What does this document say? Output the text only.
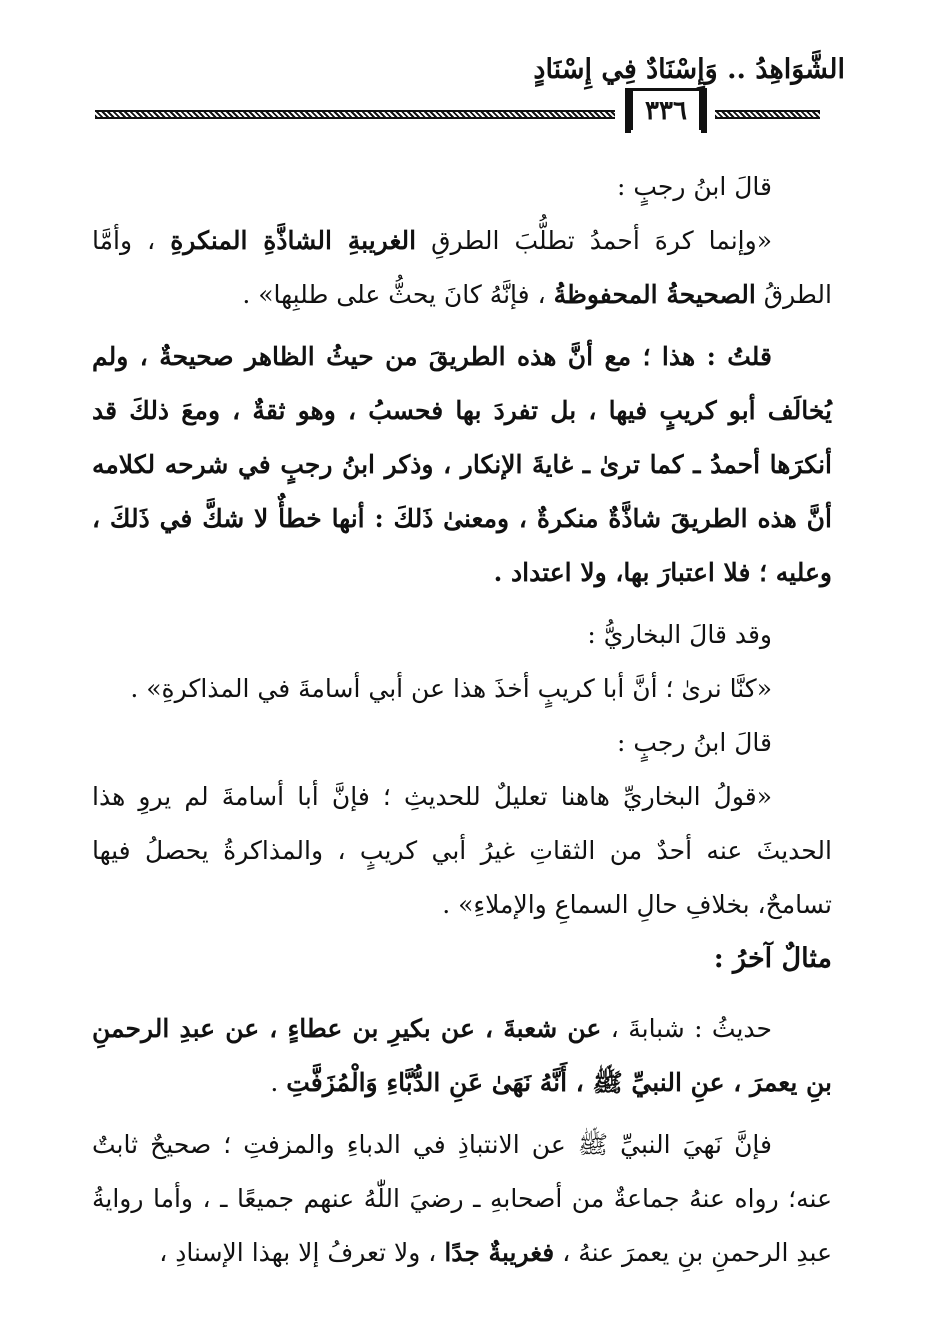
الشَّوَاهِدُ .. وَإِسْنَادٌ فِي إِسْنَادٍ
٣٣٦

قالَ ابنُ رجبٍ :

«وإنما كرهَ أحمدُ تطلُّبَ الطرقِ الغريبةِ الشاذَّةِ المنكرةِ ، وأمَّا الطرقُ الصحيحةُ المحفوظةُ ، فإنَّهُ كانَ يحثُّ على طلبِها» .

قلتُ : هذا ؛ مع أنَّ هذه الطريقَ من حيثُ الظاهر صحيحةٌ ، ولم يُخالَف أبو كريبٍ فيها ، بل تفردَ بها فحسبُ ، وهو ثقةٌ ، ومعَ ذلكَ قد أنكرَها أحمدُ ـ كما ترىٰ ـ غايةَ الإنكار ، وذكر ابنُ رجبٍ في شرحه لكلامه أنَّ هذه الطريقَ شاذَّةٌ منكرةٌ ، ومعنىٰ ذَلكَ : أنها خطأٌ لا شكَّ في ذَلكَ ، وعليه ؛ فلا اعتبارَ بها، ولا اعتداد .

وقد قالَ البخاريُّ :

«كنَّا نرىٰ ؛ أنَّ أبا كريبٍ أخذَ هذا عن أبي أسامةَ في المذاكرةِ» .

قالَ ابنُ رجبٍ :

«قولُ البخاريِّ هاهنا تعليلٌ للحديثِ ؛ فإنَّ أبا أسامةَ لم يروِ هذا الحديثَ عنه أحدٌ من الثقاتِ غيرُ أبي كريبٍ ، والمذاكرةُ يحصلُ فيها تسامحٌ، بخلافِ حالِ السماعِ والإملاءِ» .

مثالٌ آخرُ :

حديثُ : شبابةَ ، عن شعبةَ ، عن بكيرِ بن عطاءٍ ، عن عبدِ الرحمنِ بنِ يعمرَ ، عنِ النبيِّ ﷺ ، أَنَّهُ نَهَىٰ عَنِ الدُّبَّاءِ وَالْمُزَفَّتِ .

فإنَّ نَهيَ النبيِّ ﷺ عن الانتباذِ في الدباءِ والمزفتِ ؛ صحيحٌ ثابتٌ عنه؛ رواه عنهُ جماعةٌ من أصحابهِ ـ رضيَ اللّٰهُ عنهم جميعًا ـ ، وأما روايةُ عبدِ الرحمنِ بنِ يعمرَ عنهُ ، فغريبةٌ جدًا ، ولا تعرفُ إلا بهذا الإسنادِ ،
